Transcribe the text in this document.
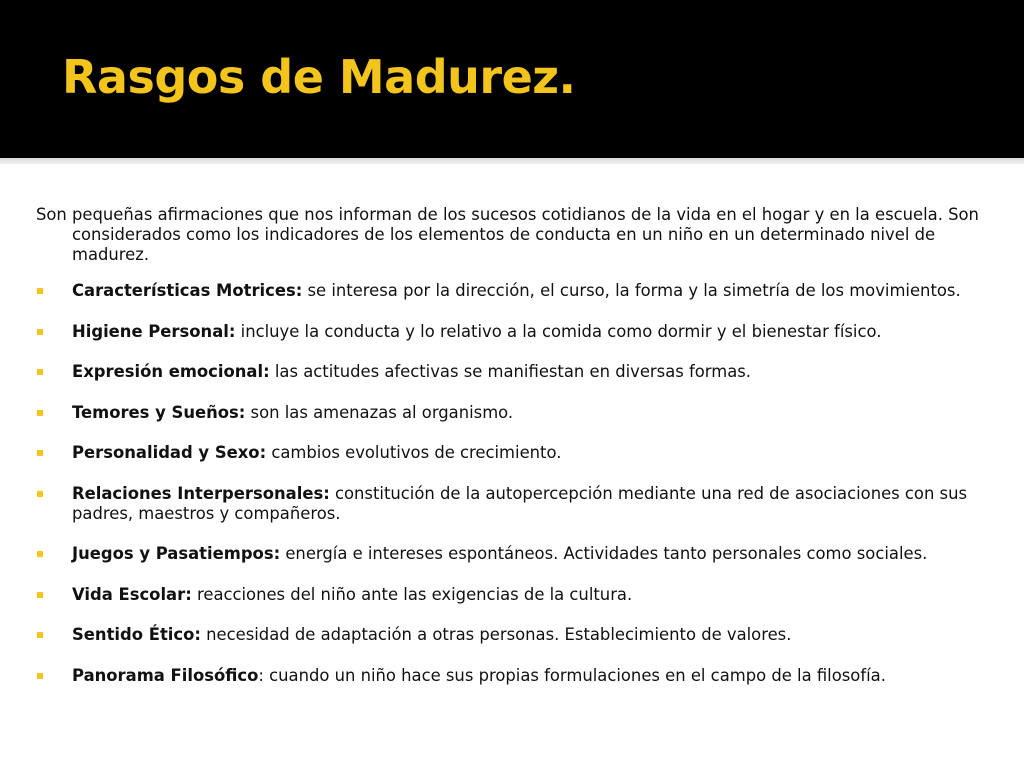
Rasgos de Madurez.

Son pequeñas afirmaciones que nos informan de los sucesos cotidianos de la vida en el hogar y en la escuela. Son considerados como los indicadores de los elementos de conducta en un niño en un determinado nivel de madurez.

Características Motrices: se interesa por la dirección, el curso, la forma y la simetría de los movimientos.
Higiene Personal: incluye la conducta y lo relativo a la comida como dormir y el bienestar físico.
Expresión emocional: las actitudes afectivas se manifiestan en diversas formas.
Temores y Sueños: son las amenazas al organismo.
Personalidad y Sexo: cambios evolutivos de crecimiento.
Relaciones Interpersonales: constitución de la autopercepción mediante una red de asociaciones con sus padres, maestros y compañeros.
Juegos y Pasatiempos: energía e intereses espontáneos. Actividades tanto personales como sociales.
Vida Escolar: reacciones del niño ante las exigencias de la cultura.
Sentido Ético: necesidad de adaptación a otras personas. Establecimiento de valores.
Panorama Filosófico: cuando un niño hace sus propias formulaciones en el campo de la filosofía.
